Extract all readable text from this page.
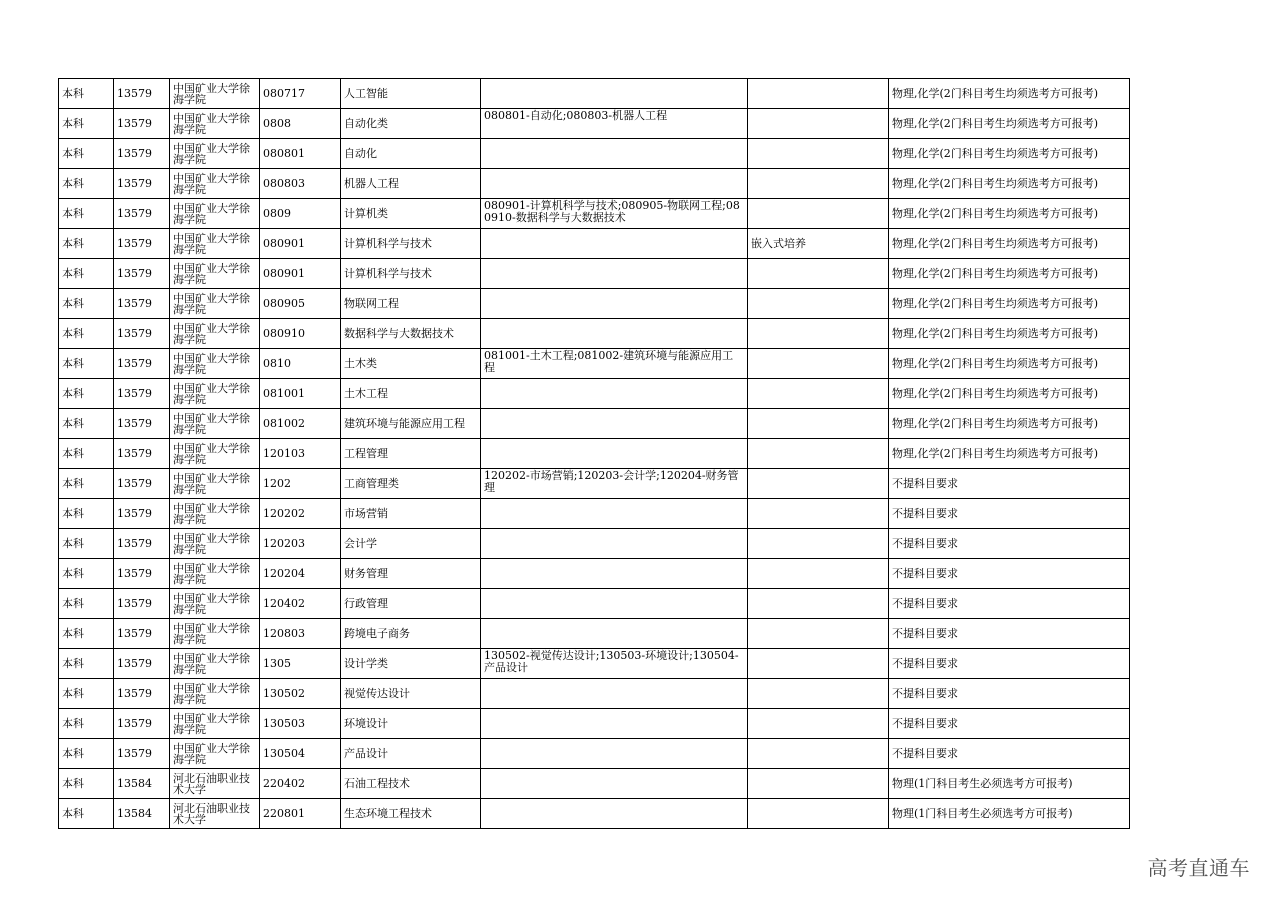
本科	13579	中国矿业大学徐海学院	080717	人工智能			物理,化学(2门科目考生均须选考方可报考)
本科	13579	中国矿业大学徐海学院	0808	自动化类	080801-自动化;080803-机器人工程		物理,化学(2门科目考生均须选考方可报考)
本科	13579	中国矿业大学徐海学院	080801	自动化			物理,化学(2门科目考生均须选考方可报考)
本科	13579	中国矿业大学徐海学院	080803	机器人工程			物理,化学(2门科目考生均须选考方可报考)
本科	13579	中国矿业大学徐海学院	0809	计算机类	080901-计算机科学与技术;080905-物联网工程;080910-数据科学与大数据技术		物理,化学(2门科目考生均须选考方可报考)
本科	13579	中国矿业大学徐海学院	080901	计算机科学与技术		嵌入式培养	物理,化学(2门科目考生均须选考方可报考)
本科	13579	中国矿业大学徐海学院	080901	计算机科学与技术			物理,化学(2门科目考生均须选考方可报考)
本科	13579	中国矿业大学徐海学院	080905	物联网工程			物理,化学(2门科目考生均须选考方可报考)
本科	13579	中国矿业大学徐海学院	080910	数据科学与大数据技术			物理,化学(2门科目考生均须选考方可报考)
本科	13579	中国矿业大学徐海学院	0810	土木类	081001-土木工程;081002-建筑环境与能源应用工程		物理,化学(2门科目考生均须选考方可报考)
本科	13579	中国矿业大学徐海学院	081001	土木工程			物理,化学(2门科目考生均须选考方可报考)
本科	13579	中国矿业大学徐海学院	081002	建筑环境与能源应用工程			物理,化学(2门科目考生均须选考方可报考)
本科	13579	中国矿业大学徐海学院	120103	工程管理			物理,化学(2门科目考生均须选考方可报考)
本科	13579	中国矿业大学徐海学院	1202	工商管理类	120202-市场营销;120203-会计学;120204-财务管理		不提科目要求
本科	13579	中国矿业大学徐海学院	120202	市场营销			不提科目要求
本科	13579	中国矿业大学徐海学院	120203	会计学			不提科目要求
本科	13579	中国矿业大学徐海学院	120204	财务管理			不提科目要求
本科	13579	中国矿业大学徐海学院	120402	行政管理			不提科目要求
本科	13579	中国矿业大学徐海学院	120803	跨境电子商务			不提科目要求
本科	13579	中国矿业大学徐海学院	1305	设计学类	130502-视觉传达设计;130503-环境设计;130504-产品设计		不提科目要求
本科	13579	中国矿业大学徐海学院	130502	视觉传达设计			不提科目要求
本科	13579	中国矿业大学徐海学院	130503	环境设计			不提科目要求
本科	13579	中国矿业大学徐海学院	130504	产品设计			不提科目要求
本科	13584	河北石油职业技术大学	220402	石油工程技术			物理(1门科目考生必须选考方可报考)
本科	13584	河北石油职业技术大学	220801	生态环境工程技术			物理(1门科目考生必须选考方可报考)
高考直通车
